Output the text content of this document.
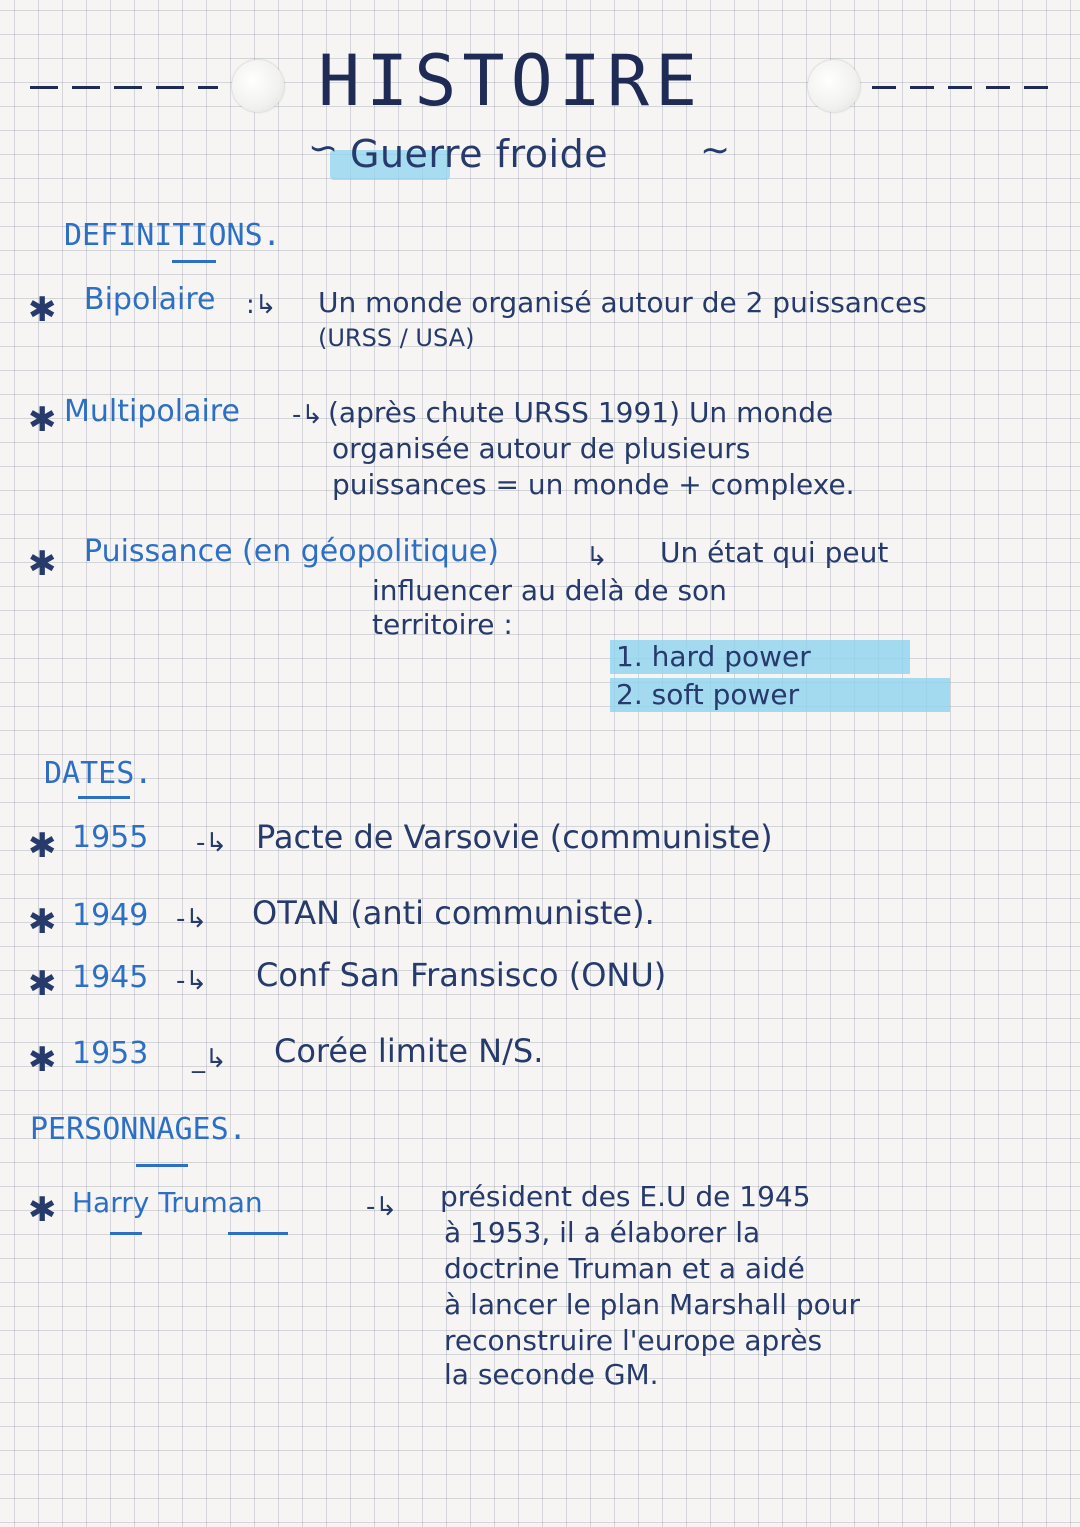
HISTOIRE
∽ Guerre froide	∼
DEFINITIONS.
✱ Bipolaire :↳ Un monde organisé autour de 2 puissances
(URSS / USA)
✱ Multipolaire -↳ (après chute URSS 1991) Un monde
organisée autour de plusieurs
puissances = un monde + complexe.
✱ Puissance (en géopolitique)	↳ Un état qui peut
influencer au delà de son
territoire :
1. hard power
2. soft power
DATES.
✱ 1955 -↳ Pacte de Varsovie (communiste)
✱ 1949 -↳ OTAN (anti communiste).
✱ 1945 -↳ Conf San Fransisco (ONU)
✱ 1953 _↳ Corée limite N/S.
PERSONNAGES.
✱ Harry Truman	-↳ président des E.U de 1945
à 1953, il a élaborer la
doctrine Truman et a aidé
à lancer le plan Marshall pour
reconstruire l'europe après
la seconde GM.
